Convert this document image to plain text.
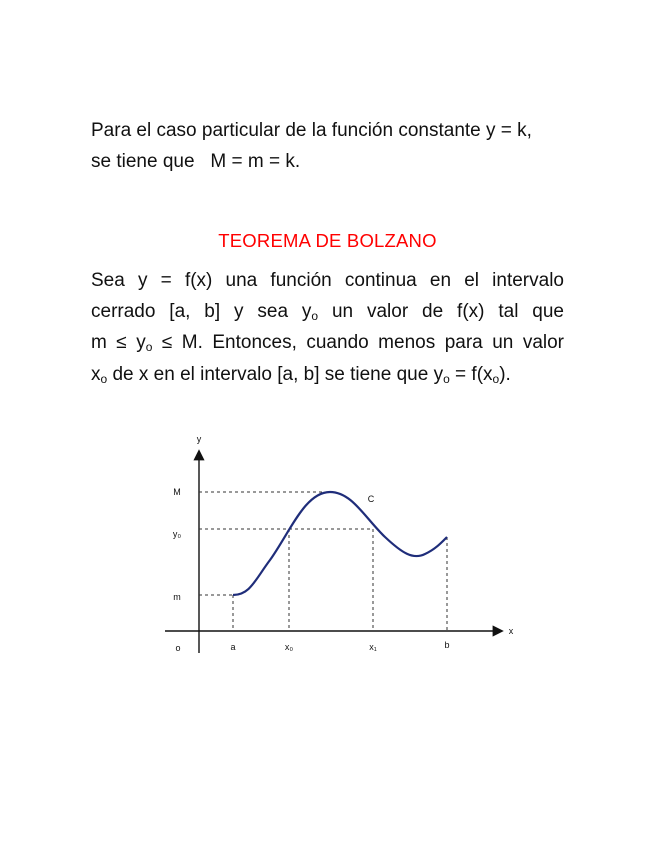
Para el caso particular de la función constante y = k,
se tiene que   M = m = k.

TEOREMA DE BOLZANO

Sea  y  =  f(x)  una  función  continua  en  el  intervalo
cerrado  [a,  b]  y  sea  yo  un  valor  de  f(x)  tal  que
m ≤ yo ≤ M. Entonces, cuando menos para un valor
xo de x en el intervalo [a, b] se tiene que yo = f(xo).

y
x
o
M
y₀
m
C
a	x₀	x₁	b
